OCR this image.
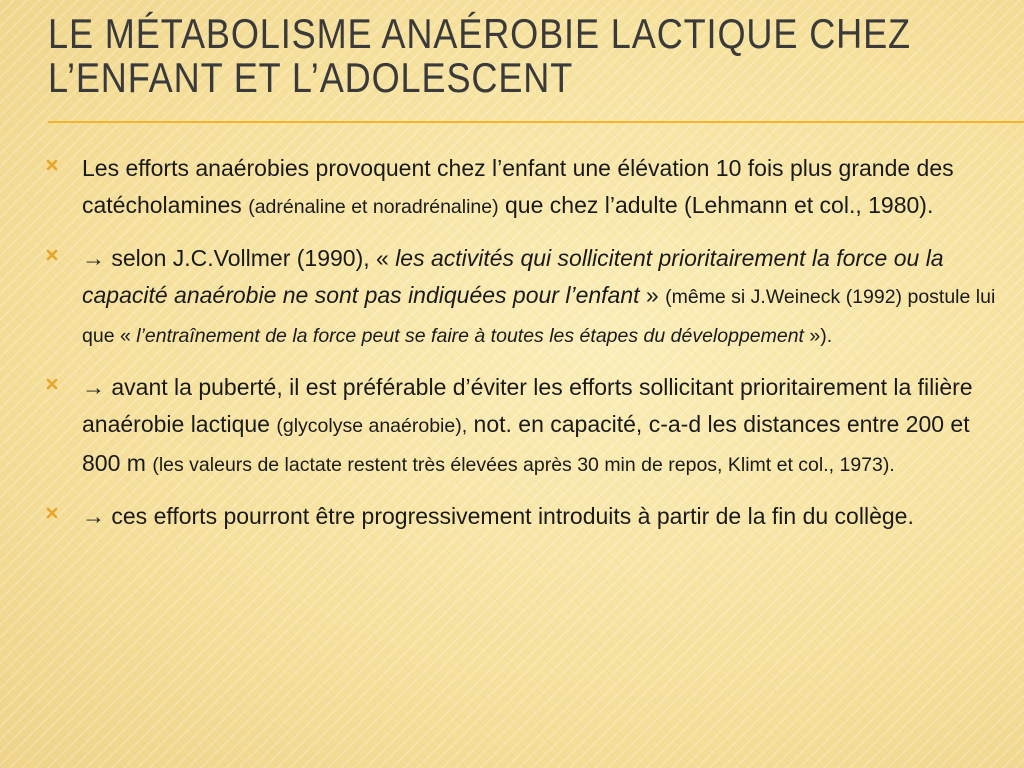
LE MÉTABOLISME ANAÉROBIE LACTIQUE CHEZ
L’ENFANT ET L’ADOLESCENT
Les efforts anaérobies provoquent chez l’enfant une élévation 10 fois plus grande des catécholamines (adrénaline et noradrénaline) que chez l’adulte (Lehmann et col., 1980).
→ selon J.C.Vollmer (1990), « les activités qui sollicitent prioritairement la force ou la capacité anaérobie ne sont pas indiquées pour l’enfant » (même si J.Weineck (1992) postule lui que « l’entraînement de la force peut se faire à toutes les étapes du développement »).
→ avant la puberté, il est préférable d’éviter les efforts sollicitant prioritairement la filière anaérobie lactique (glycolyse anaérobie), not. en capacité, c-a-d les distances entre 200 et 800 m (les valeurs de lactate restent très élevées après 30 min de repos, Klimt et col., 1973).
→ ces efforts pourront être progressivement introduits à partir de la fin du collège.
